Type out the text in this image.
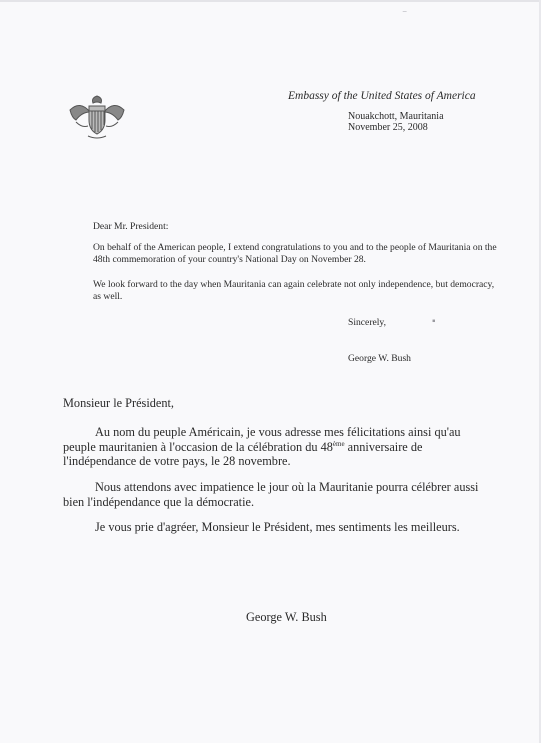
‾
Embassy of the United States of America
Nouakchott, Mauritania
November 25, 2008
Dear Mr. President:

On behalf of the American people, I extend congratulations to you and to the people of Mauritania on the 48th commemoration of your country's National Day on November 28.

We look forward to the day when Mauritania can again celebrate not only independence, but democracy, as well.

▪
Sincerely,
George W. Bush
Monsieur le Président,

Au nom du peuple Américain, je vous adresse mes félicitations ainsi qu'au peuple mauritanien à l'occasion de la célébration du 48ème anniversaire de l'indépendance de votre pays, le 28 novembre.

Nous attendons avec impatience le jour où la Mauritanie pourra célébrer aussi bien l'indépendance que la démocratie.

Je vous prie d'agréer, Monsieur le Président, mes sentiments les meilleurs.

George W. Bush
